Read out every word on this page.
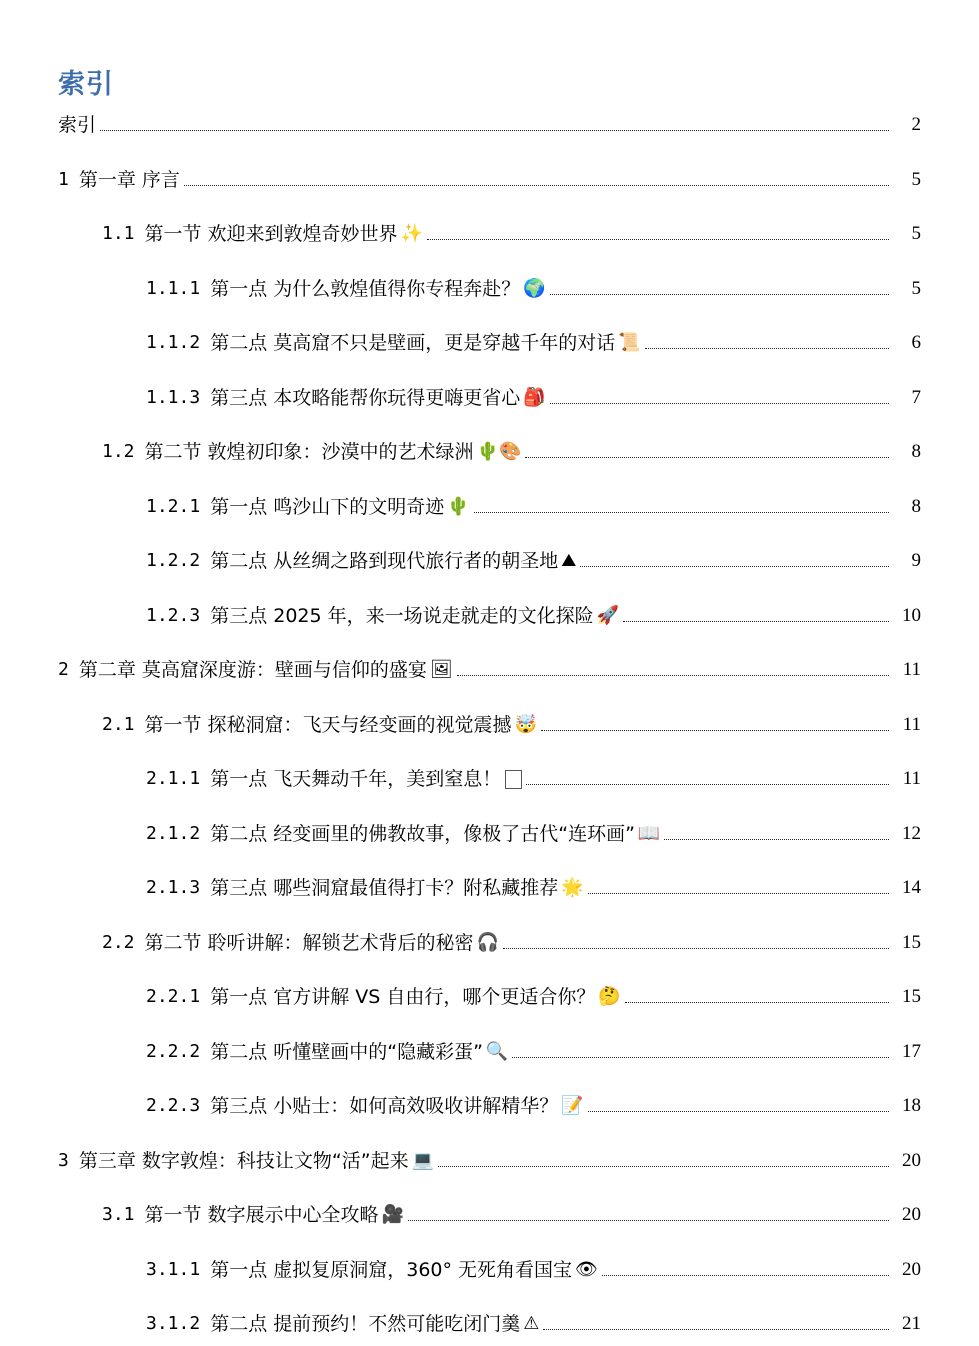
索引
索引	2
1 第一章 序言	5
1.1 第一节 欢迎来到敦煌奇妙世界 ✨	5
1.1.1 第一点 为什么敦煌值得你专程奔赴？ 🌍	5
1.1.2 第二点 莫高窟不只是壁画，更是穿越千年的对话 📜	6
1.1.3 第三点 本攻略能帮你玩得更嗨更省心 🎒	7
1.2 第二节 敦煌初印象：沙漠中的艺术绿洲 🌵🎨	8
1.2.1 第一点 鸣沙山下的文明奇迹 🌵	8
1.2.2 第二点 从丝绸之路到现代旅行者的朝圣地 ⛰	9
1.2.3 第三点 2025 年，来一场说走就走的文化探险 🚀	10
2 第二章 莫高窟深度游：壁画与信仰的盛宴 🖼	11
2.1 第一节 探秘洞窟：飞天与经变画的视觉震撼 🤯	11
2.1.1 第一点 飞天舞动千年，美到窒息！	11
2.1.2 第二点 经变画里的佛教故事，像极了古代“连环画” 📖	12
2.1.3 第三点 哪些洞窟最值得打卡？附私藏推荐 🌟	14
2.2 第二节 聆听讲解：解锁艺术背后的秘密 🎧	15
2.2.1 第一点 官方讲解 VS 自由行，哪个更适合你？ 🤔	15
2.2.2 第二点 听懂壁画中的“隐藏彩蛋” 🔍	17
2.2.3 第三点 小贴士：如何高效吸收讲解精华？ 📝	18
3 第三章 数字敦煌：科技让文物“活”起来 💻	20
3.1 第一节 数字展示中心全攻略 🎥	20
3.1.1 第一点 虚拟复原洞窟，360° 无死角看国宝 👁	20
3.1.2 第二点 提前预约！不然可能吃闭门羹 ⚠	21
